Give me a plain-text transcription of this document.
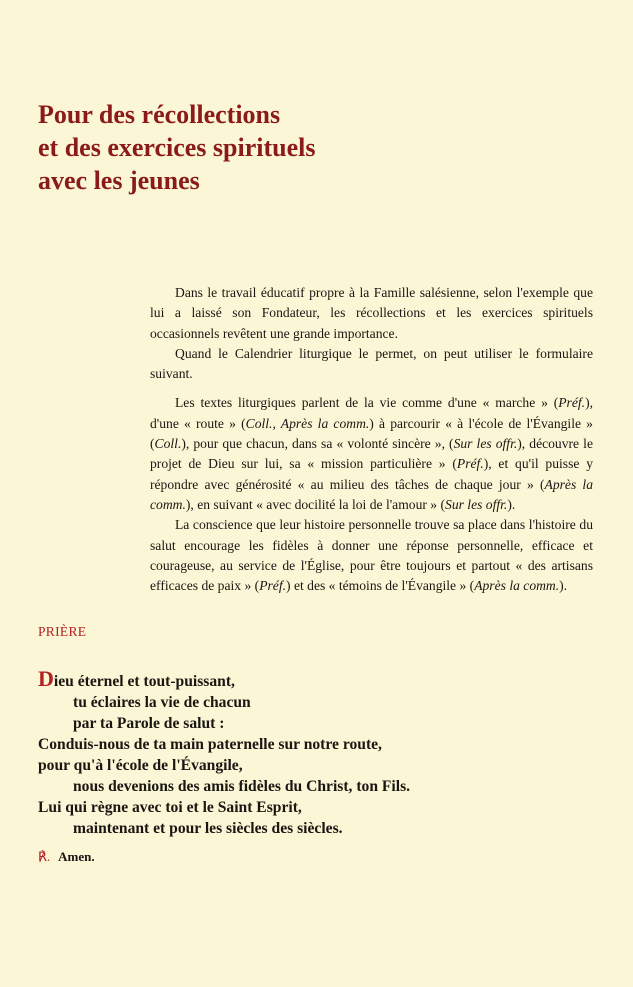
Pour des récollections
et des exercices spirituels
avec les jeunes

Dans le travail éducatif propre à la Famille salésienne, selon l'exemple que lui a laissé son Fondateur, les récollections et les exercices spirituels occasionnels revêtent une grande importance.

Quand le Calendrier liturgique le permet, on peut utiliser le formulaire suivant.

Les textes liturgiques parlent de la vie comme d'une « marche » (Préf.), d'une « route » (Coll., Après la comm.) à parcourir « à l'école de l'Évangile » (Coll.), pour que chacun, dans sa « volonté sincère », (Sur les offr.), découvre le projet de Dieu sur lui, sa « mission particulière » (Préf.), et qu'il puisse y répondre avec générosité « au milieu des tâches de chaque jour » (Après la comm.), en suivant « avec docilité la loi de l'amour » (Sur les offr.).

La conscience que leur histoire personnelle trouve sa place dans l'histoire du salut encourage les fidèles à donner une réponse personnelle, efficace et courageuse, au service de l'Église, pour être toujours et partout « des artisans efficaces de paix » (Préf.) et des « témoins de l'Évangile » (Après la comm.).

PRIÈRE
Dieu éternel et tout-puissant,
tu éclaires la vie de chacun
par ta Parole de salut :
Conduis-nous de ta main paternelle sur notre route,
pour qu'à l'école de l'Évangile,
nous devenions des amis fidèles du Christ, ton Fils.
Lui qui règne avec toi et le Saint Esprit,
maintenant et pour les siècles des siècles.
℟. Amen.
